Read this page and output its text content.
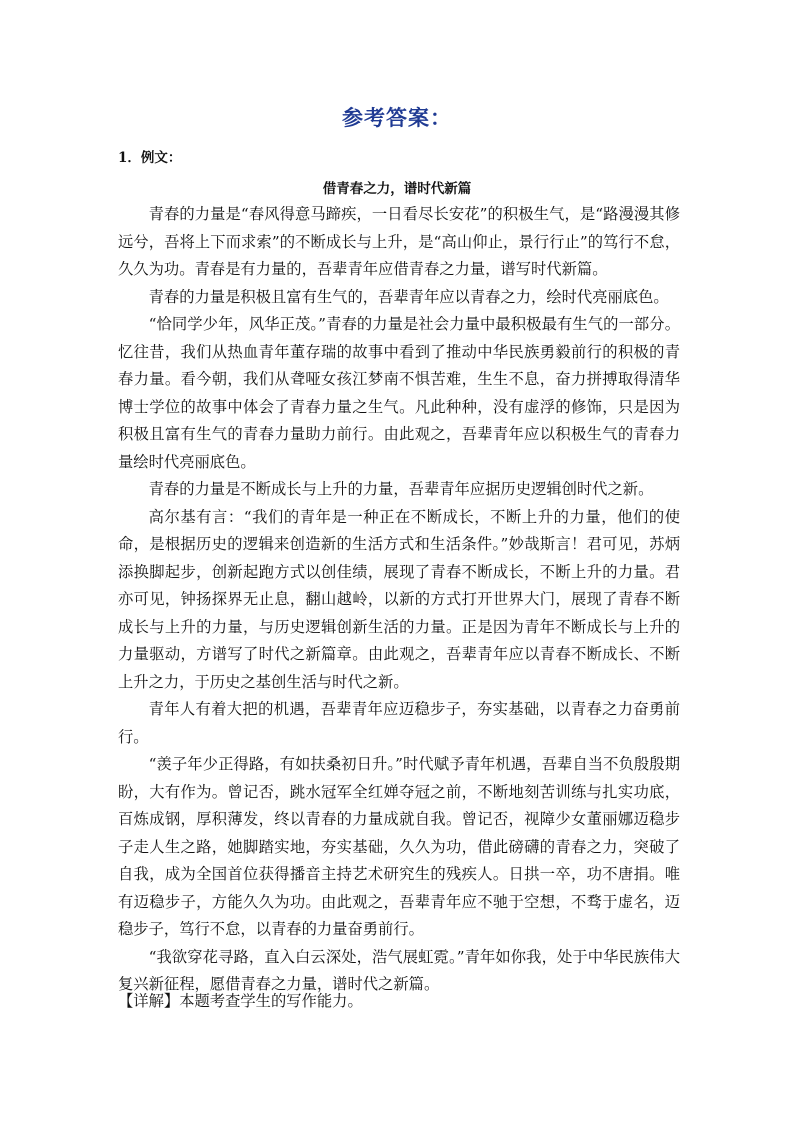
参考答案：
1．例文：
借青春之力，谱时代新篇

青春的力量是“春风得意马蹄疾，一日看尽长安花”的积极生气，是“路漫漫其修远兮，吾将上下而求索”的不断成长与上升，是“高山仰止，景行行止”的笃行不怠，久久为功。青春是有力量的，吾辈青年应借青春之力量，谱写时代新篇。

青春的力量是积极且富有生气的，吾辈青年应以青春之力，绘时代亮丽底色。

“恰同学少年，风华正茂。”青春的力量是社会力量中最积极最有生气的一部分。忆往昔，我们从热血青年董存瑞的故事中看到了推动中华民族勇毅前行的积极的青春力量。看今朝，我们从聋哑女孩江梦南不惧苦难，生生不息，奋力拼搏取得清华博士学位的故事中体会了青春力量之生气。凡此种种，没有虚浮的修饰，只是因为积极且富有生气的青春力量助力前行。由此观之，吾辈青年应以积极生气的青春力量绘时代亮丽底色。

青春的力量是不断成长与上升的力量，吾辈青年应据历史逻辑创时代之新。

高尔基有言：“我们的青年是一种正在不断成长，不断上升的力量，他们的使命，是根据历史的逻辑来创造新的生活方式和生活条件。”妙哉斯言！君可见，苏炳添换脚起步，创新起跑方式以创佳绩，展现了青春不断成长，不断上升的力量。君亦可见，钟扬探界无止息，翻山越岭，以新的方式打开世界大门，展现了青春不断成长与上升的力量，与历史逻辑创新生活的力量。正是因为青年不断成长与上升的力量驱动，方谱写了时代之新篇章。由此观之，吾辈青年应以青春不断成长、不断上升之力，于历史之基创生活与时代之新。

青年人有着大把的机遇，吾辈青年应迈稳步子，夯实基础，以青春之力奋勇前行。

“羡子年少正得路，有如扶桑初日升。”时代赋予青年机遇，吾辈自当不负殷殷期盼，大有作为。曾记否，跳水冠军全红婵夺冠之前，不断地刻苦训练与扎实功底，百炼成钢，厚积薄发，终以青春的力量成就自我。曾记否，视障少女董丽娜迈稳步子走人生之路，她脚踏实地，夯实基础，久久为功，借此磅礴的青春之力，突破了自我，成为全国首位获得播音主持艺术研究生的残疾人。日拱一卒，功不唐捐。唯有迈稳步子，方能久久为功。由此观之，吾辈青年应不驰于空想，不骛于虚名，迈稳步子，笃行不怠，以青春的力量奋勇前行。

“我欲穿花寻路，直入白云深处，浩气展虹霓。”青年如你我，处于中华民族伟大复兴新征程，愿借青春之力量，谱时代之新篇。

【详解】本题考查学生的写作能力。
